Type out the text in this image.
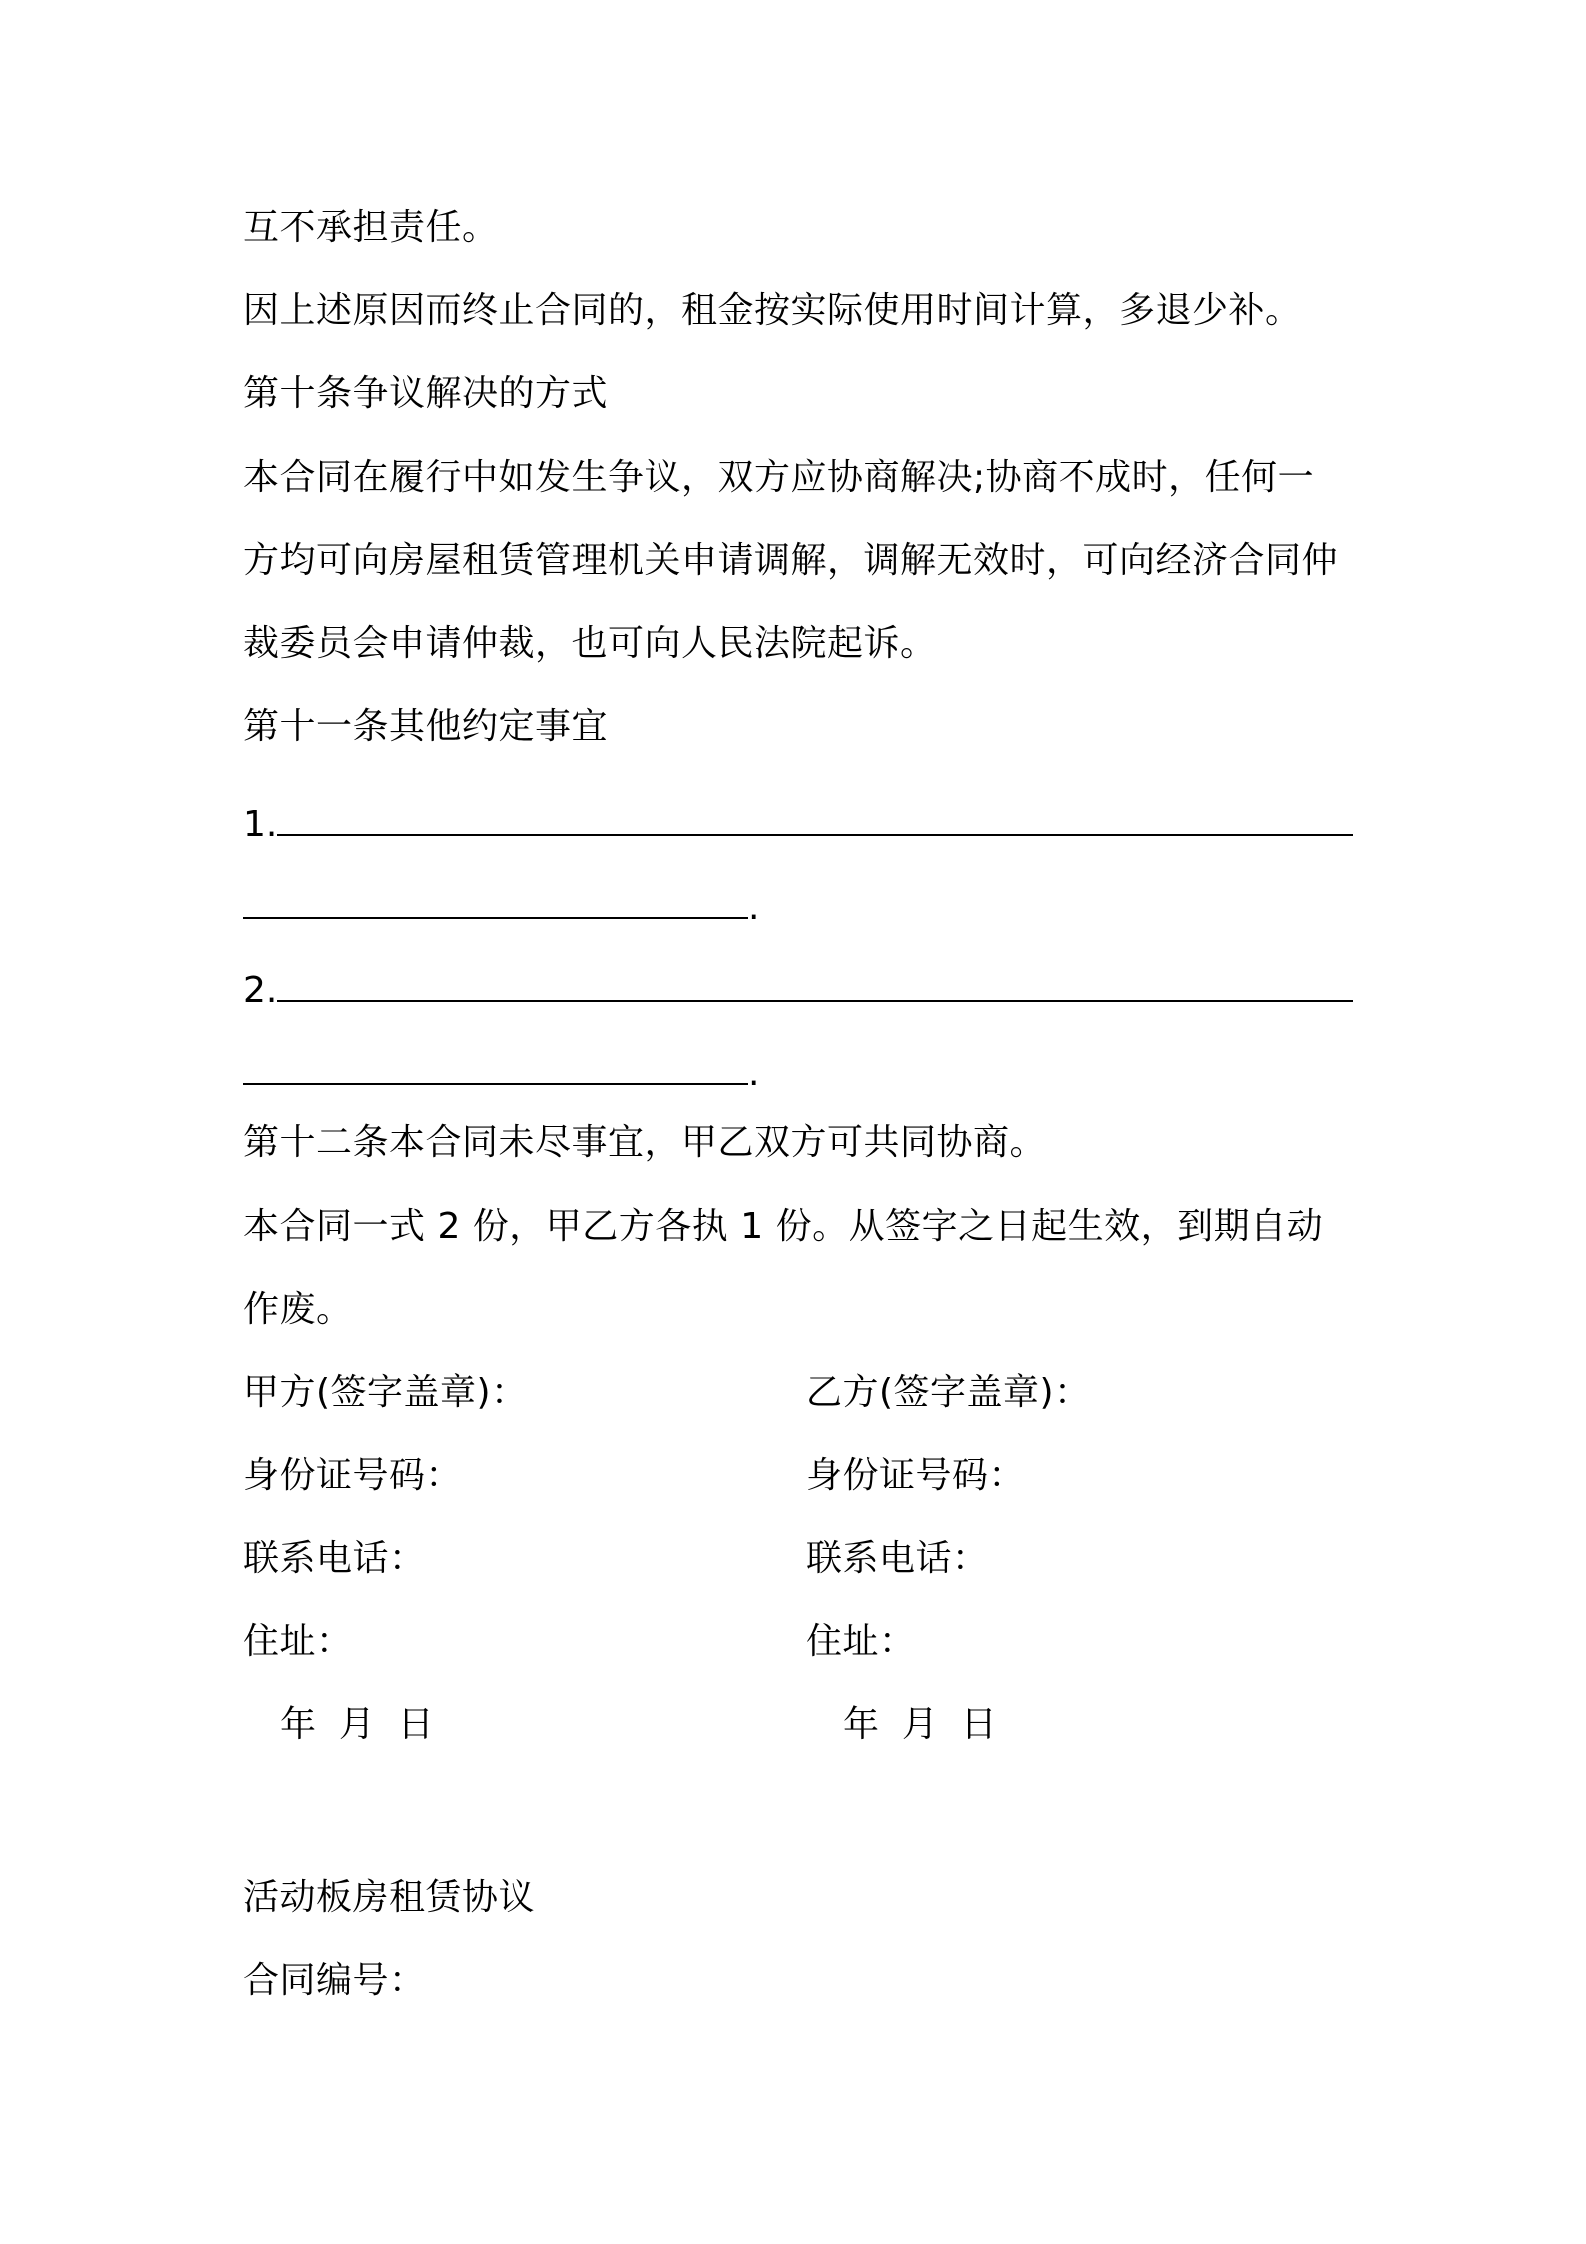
互不承担责任。
因上述原因而终止合同的，租金按实际使用时间计算，多退少补。
第十条争议解决的方式
本合同在履行中如发生争议，双方应协商解决;协商不成时，任何一
方均可向房屋租赁管理机关申请调解，调解无效时，可向经济合同仲
裁委员会申请仲裁，也可向人民法院起诉。
第十一条其他约定事宜
1.
.
2.
.
第十二条本合同未尽事宜，甲乙双方可共同协商。
本合同一式 2 份，甲乙方各执 1 份。从签字之日起生效，到期自动
作废。
甲方(签字盖章)：
身份证号码：
联系电话：
住址：
年  月  日
乙方(签字盖章)：
身份证号码：
联系电话：
住址：
年  月  日
活动板房租赁协议
合同编号：
